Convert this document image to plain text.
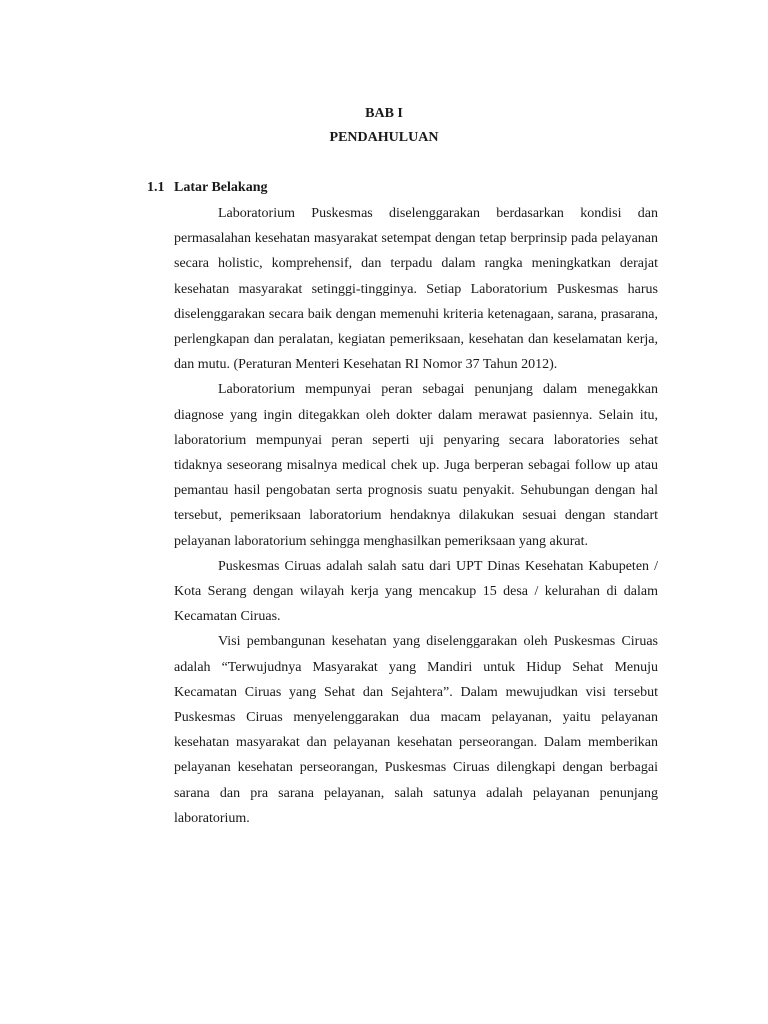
BAB I
PENDAHULUAN
1.1 Latar Belakang

Laboratorium Puskesmas diselenggarakan berdasarkan kondisi dan permasalahan kesehatan masyarakat setempat dengan tetap berprinsip pada pelayanan secara holistic, komprehensif, dan terpadu dalam rangka meningkatkan derajat kesehatan masyarakat setinggi-tingginya. Setiap Laboratorium Puskesmas harus diselenggarakan secara baik dengan memenuhi kriteria ketenagaan, sarana, prasarana, perlengkapan dan peralatan, kegiatan pemeriksaan, kesehatan dan keselamatan kerja, dan mutu. (Peraturan Menteri Kesehatan RI Nomor 37 Tahun 2012).

Laboratorium mempunyai peran sebagai penunjang dalam menegakkan diagnose yang ingin ditegakkan oleh dokter dalam merawat pasiennya. Selain itu, laboratorium mempunyai peran seperti uji penyaring secara laboratories sehat tidaknya seseorang misalnya medical chek up. Juga berperan sebagai follow up atau pemantau hasil pengobatan serta prognosis suatu penyakit. Sehubungan dengan hal tersebut, pemeriksaan laboratorium hendaknya dilakukan sesuai dengan standart pelayanan laboratorium sehingga menghasilkan pemeriksaan yang akurat.

Puskesmas Ciruas adalah salah satu dari UPT Dinas Kesehatan Kabupeten / Kota Serang dengan wilayah kerja yang mencakup 15 desa / kelurahan di dalam Kecamatan Ciruas.

Visi pembangunan kesehatan yang diselenggarakan oleh Puskesmas Ciruas adalah “Terwujudnya Masyarakat yang Mandiri untuk Hidup Sehat Menuju Kecamatan Ciruas yang Sehat dan Sejahtera”. Dalam mewujudkan visi tersebut Puskesmas Ciruas menyelenggarakan dua macam pelayanan, yaitu pelayanan kesehatan masyarakat dan pelayanan kesehatan perseorangan. Dalam memberikan pelayanan kesehatan perseorangan, Puskesmas Ciruas dilengkapi dengan berbagai sarana dan pra sarana pelayanan, salah satunya adalah pelayanan penunjang laboratorium.
